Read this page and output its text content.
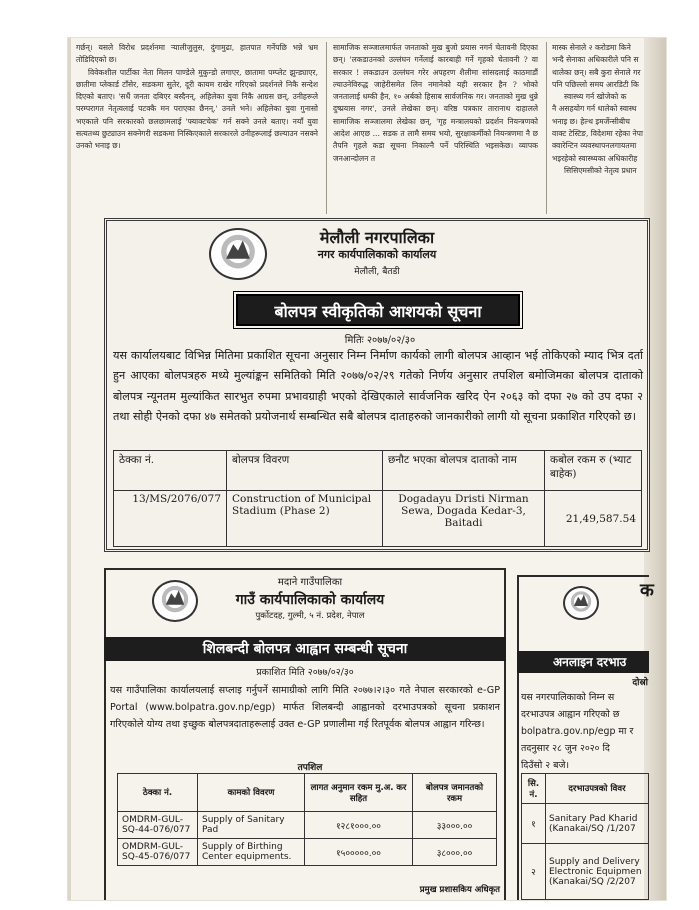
गर्छन्। यसले विरोध प्रदर्शनमा र्‍यालीजुलुस, दुंगामुढा, हातपात गर्नेपछि भन्ने भ्रम तोडिदिएको छ।

विवेकशील पार्टीका नेता मिलन पाण्डेले मुकुन्डो लगाएर, छातामा पम्प्लेट झुन्ड्याएर, छातीमा प्लेकार्ड टाँसेर, सडकमा सुतेर, दूरी कायम राखेर गरिएको प्रदर्शनले निकै सन्देश दिएको बताए। 'सधैं जनता दबिएर बस्दैनन्, अहिलेका युवा निकै आग्रस छन्, उनीहरूले परम्परागत नेतृत्वलाई पटक्कै मन पराएका छैनन्,' उनले भने। अहिलेका युवा गुनासो भएकाले पनि सरकारको छलछामलाई 'फ्याक्टचेक' गर्न सक्ने उनले बताए। नयाँ युवा सत्यतथ्य छुट्याउन सक्नेगरी सडकमा निस्किएकाले सरकारले उनीहरूलाई छल्याउन नसक्ने उनको भनाइ छ।

सामाजिक सञ्जालमार्फत जनताको मुख बुजो प्रयास नगर्न चेतावनी दिएका छन्। 'लकडाउनको उल्लंघन गर्नेलाई कारबाही गर्ने गृहको चेतावनी ? वा सरकार ! लकडाउन उल्लंघन गरेर अपहरण शैलीमा सांसदलाई काठमाडौं ल्याउनेविरुद्ध जाहेरीसमेत लिन नमानेको यही सरकार हैन ? भोको जनतालाई धम्की हैन, १० अर्बको हिसाब सार्वजनिक गर। जनताको मुख थुन्ने दुष्प्रयास नगर', उनले लेखेका छन्। वरिष्ठ पत्रकार तारानाथ दाहालले सामाजिक सञ्जालमा लेखेका छन्, 'गृह मन्त्रालयको प्रदर्शन नियन्त्रणको आदेश आएछ ... सडक त लामै समय भयो, सुरक्षाकर्मीको नियन्त्रणमा नै छ तैपनि गृहले कडा सूचना निकाल्नै पर्ने परिस्थिति भइसकेछ। व्यापक जनआन्दोलन त

मास्क सेनाले २ करोडमा किने
भन्दै सेनाका अधिकारीले पनि स
थालेका छन्। सबै कुरा सेनाले गर
पनि पछिल्लो समय आरडिटी कि
स्वास्थ्य गर्न खोजेको क
नै असहयोग गर्न थालेको स्वास्थ
भनाइ छ। हेल्थ इमर्जेन्सीबीच
वाक्ट टेस्टिङ, विदेशमा रहेका नेपा
क्वारेन्टिन व्यवस्थापनलगायतमा
भइरहेको स्वास्थ्यका अधिकारीह
सिसिएमसीको नेतृत्व प्रधान
मेलौली नगरपालिका
नगर कार्यपालिकाको कार्यालय
मेलौली, बैतडी
बोलपत्र स्वीकृतिको आशयको सूचना
मितिः २०७७/०२/३०
यस कार्यालयबाट विभिन्न मितिमा प्रकाशित सूचना अनुसार निम्न निर्माण कार्यको लागी बोलपत्र आव्हान भई तोकिएको म्याद भित्र दर्ता हुन आएका बोलपत्रहरु मध्ये मुल्यांङ्कन समितिको मिति २०७७/०२/२९ गतेको निर्णय अनुसार तपशिल बमोजिमका बोलपत्र दाताको बोलपत्र न्यूनतम मुल्यांकित सारभुत रुपमा प्रभावग्राही भएको देखिएकाले सार्वजनिक खरिद ऐन २०६३ को दफा २७ को उप दफा २ तथा सोही ऐनको दफा ४७ समेतको प्रयोजनार्थ सम्बन्धित सबै बोलपत्र दाताहरुको जानकारीको लागी यो सूचना प्रकाशित गरिएको छ।
ठेक्का नं.	बोलपत्र विवरण	छनौट भएका बोलपत्र दाताको नाम	कबोल रकम रु (भ्याट बाहेक)
13/MS/2076/077	Construction of Municipal Stadium (Phase 2)	Dogadayu Dristi Nirman Sewa, Dogada Kedar-3, Baitadi	21,49,587.54
मदाने गाउँपालिका
गाउँ कार्यपालिकाको कार्यालय
पुर्कोटदह, गुल्मी, ५ नं. प्रदेश, नेपाल
शिलबन्दी बोलपत्र आह्वान सम्बन्धी सूचना
प्रकाशित मिति २०७७/०२/३०
यस गाउँपालिका कार्यालयलाई सप्लाइ गर्नुपर्ने सामाग्रीको लागि मिति २०७७।२।३० गते नेपाल सरकारको e-GP Portal (www.bolpatra.gov.np/egp) मार्फत शिलबन्दी आह्वानको दरभाउपत्रको सूचना प्रकाशन गरिएकोले योग्य तथा इच्छुक बोलपत्रदाताहरूलाई उक्त e-GP प्रणालीमा गई रितपूर्वक बोलपत्र आह्वान गरिन्छ।
तपशिल
ठेक्का नं.	कामको विवरण	लागत अनुमान रकम मु.अ. कर सहित	बोलपत्र जमानतको रकम
OMDRM-GUL-SQ-44-076/077	Supply of Sanitary Pad	१२८१०००.००	३३०००.००
OMDRM-GUL-SQ-45-076/077	Supply of Birthing Center equipments.	१५०००००.००	३८०००.००
प्रमुख प्रशासकिय अधिकृत
क
अनलाइन दरभाउ
दोस्रो
यस नगरपालिकाको निम्न स
दरभाउपत्र आह्वान गरिएको छ
bolpatra.gov.np/egp मा र
तदनुसार २८ जुन २०२० दि
दिउँसो २ बजे।
सि. नं.	दरभाउपत्रको विवर
१	Sanitary Pad Kharid (Kanakai/SQ /1/207
२	Supply and Delivery Electronic Equipmen (Kanakai/SQ /2/207
